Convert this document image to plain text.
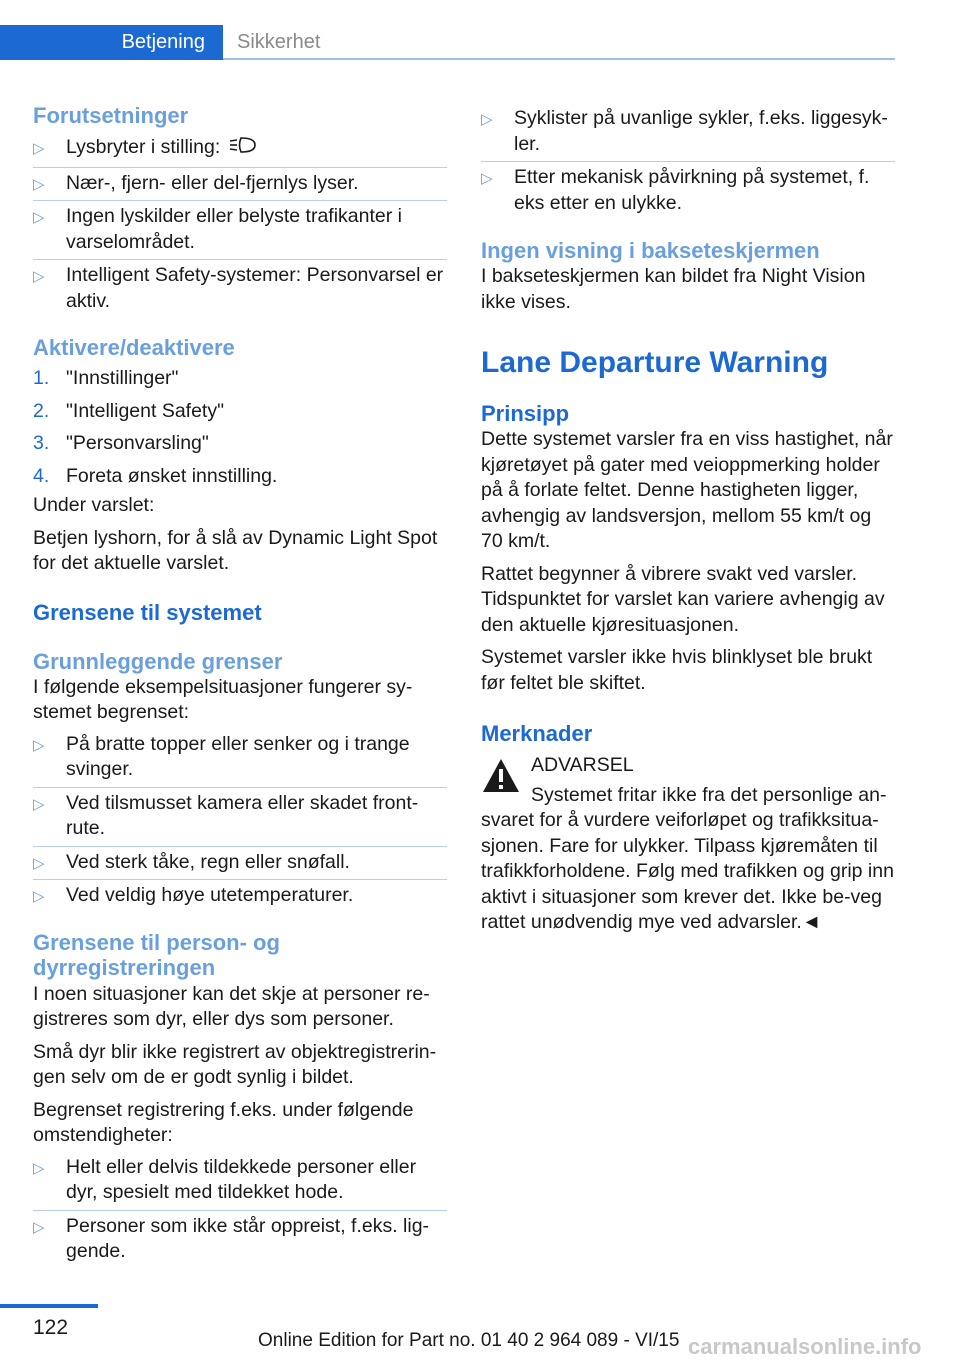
Betjening	Sikkerhet
Forutsetninger
▷ Lysbryter i stilling:
▷ Nær-, fjern- eller del-fjernlys lyser.
▷ Ingen lyskilder eller belyste trafikanter i varselområdet.
▷ Intelligent Safety-systemer: Personvarsel er aktiv.
Aktivere/deaktivere
1. "Innstillinger"
2. "Intelligent Safety"
3. "Personvarsling"
4. Foreta ønsket innstilling.

Under varslet:

Betjen lyshorn, for å slå av Dynamic Light Spot for det aktuelle varslet.

Grensene til systemet
Grunnleggende grenser

I følgende eksempelsituasjoner fungerer sy-stemet begrenset:

▷ På bratte topper eller senker og i trange svinger.
▷ Ved tilsmusset kamera eller skadet front-rute.
▷ Ved sterk tåke, regn eller snøfall.
▷ Ved veldig høye utetemperaturer.
Grensene til person- og dyrregistreringen

I noen situasjoner kan det skje at personer re-gistreres som dyr, eller dys som personer.

Små dyr blir ikke registrert av objektregistrerin-gen selv om de er godt synlig i bildet.

Begrenset registrering f.eks. under følgende omstendigheter:

▷ Helt eller delvis tildekkede personer eller dyr, spesielt med tildekket hode.
▷ Personer som ikke står oppreist, f.eks. lig-gende.
▷ Syklister på uvanlige sykler, f.eks. liggesyk-ler.
▷ Etter mekanisk påvirkning på systemet, f. eks etter en ulykke.
Ingen visning i bakseteskjermen

I bakseteskjermen kan bildet fra Night Vision ikke vises.

Lane Departure Warning
Prinsipp

Dette systemet varsler fra en viss hastighet, når kjøretøyet på gater med veioppmerking holder på å forlate feltet. Denne hastigheten ligger, avhengig av landsversjon, mellom 55 km/t og 70 km/t.

Rattet begynner å vibrere svakt ved varsler. Tidspunktet for varslet kan variere avhengig av den aktuelle kjøresituasjonen.

Systemet varsler ikke hvis blinklyset ble brukt før feltet ble skiftet.

Merknader

ADVARSEL

Systemet fritar ikke fra det personlige an-svaret for å vurdere veiforløpet og trafikksitua-sjonen. Fare for ulykker. Tilpass kjøremåten til trafikkforholdene. Følg med trafikken og grip inn aktivt i situasjoner som krever det. Ikke be-veg rattet unødvendig mye ved advarsler.◄

122
Online Edition for Part no. 01 40 2 964 089 - VI/15 carmanualsonline.info
